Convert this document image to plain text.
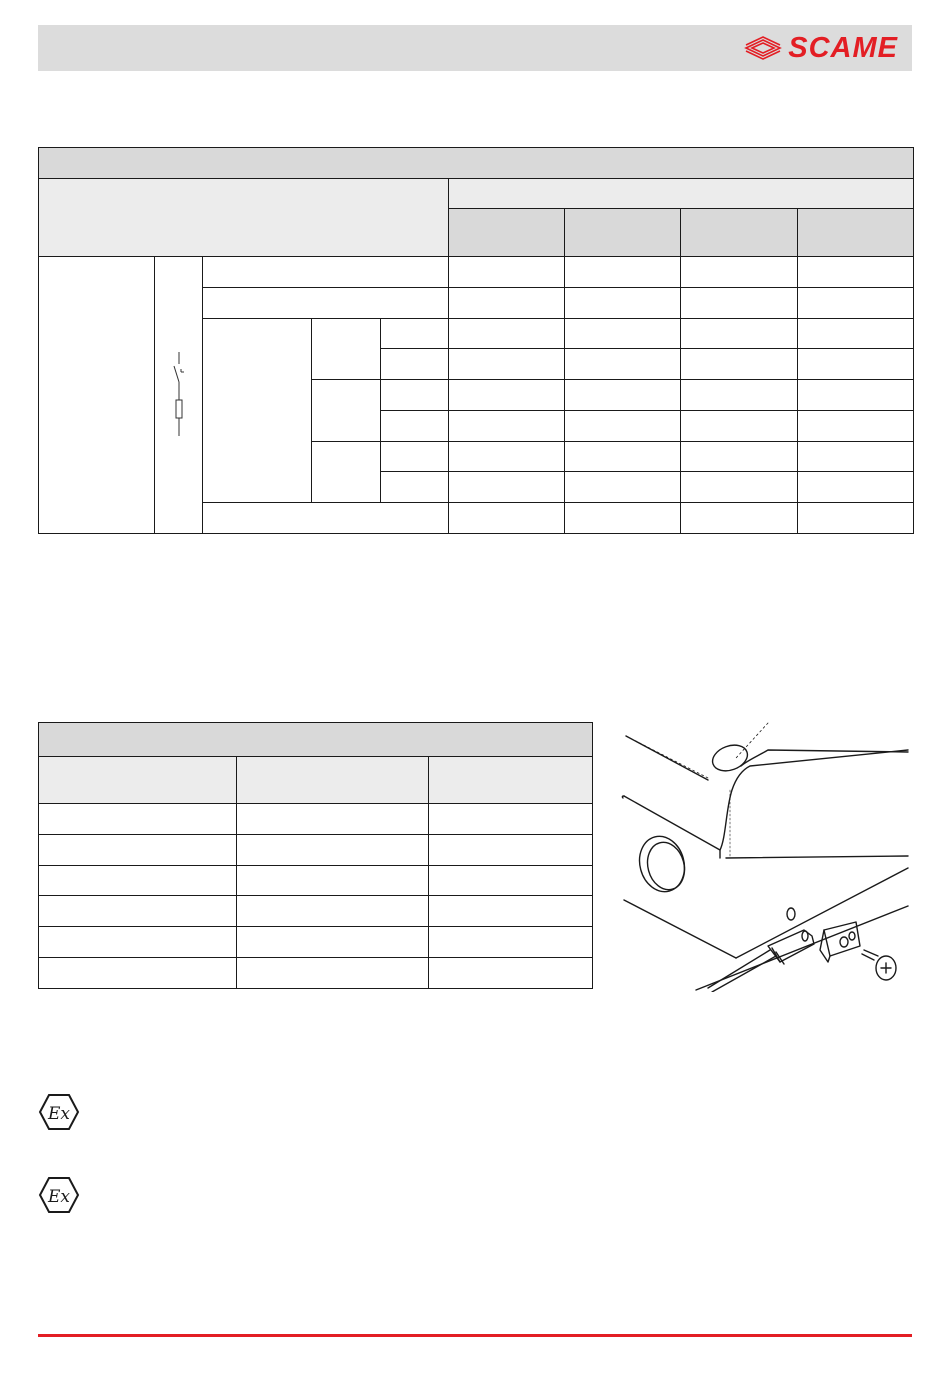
SCAME

Ex
Ex
